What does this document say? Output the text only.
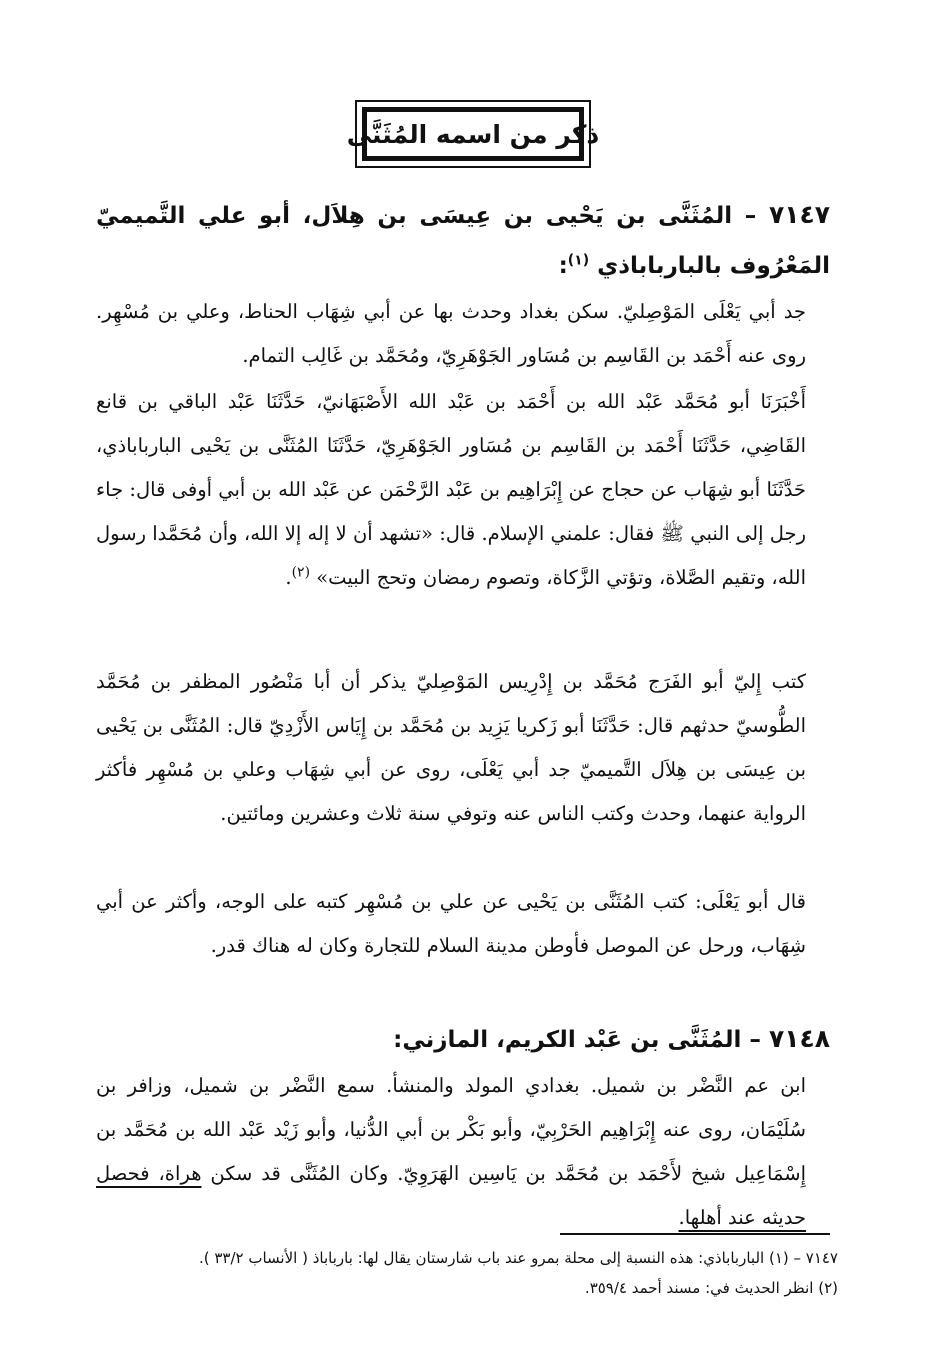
ذكر من اسمه المُثَنَّى
٧١٤٧ – المُثَنَّى بن يَحْيى بن عِيسَى بن هِلاَل، أبو علي التَّميميّ المَعْرُوف بالبارباباذي $^{(١)}$:
جد أبي يَعْلَى المَوْصِليّ. سكن بغداد وحدث بها عن أبي شِهَاب الحناط، وعلي بن مُسْهِر. روى عنه أَحْمَد بن القَاسِم بن مُسَاور الجَوْهَرِيّ، ومُحَمَّد بن غَالِب التمام.
أَخْبَرَنَا أبو مُحَمَّد عَبْد الله بن أَحْمَد بن عَبْد الله الأَصْبَهَانيّ، حَدَّثَنَا عَبْد الباقي بن قانع القَاضِي، حَدَّثَنَا أَحْمَد بن القَاسِم بن مُسَاور الجَوْهَرِيّ، حَدَّثَنَا المُثَنَّى بن يَحْيى البارباباذي، حَدَّثَنَا أبو شِهَاب عن حجاج عن إِبْرَاهِيم بن عَبْد الرَّحْمَن عن عَبْد الله بن أبي أوفى قال: جاء رجل إلى النبي ﷺ فقال: علمني الإسلام. قال: «تشهد أن لا إله إلا الله، وأن مُحَمَّدا رسول الله، وتقيم الصَّلاة، وتؤتي الزَّكاة، وتصوم رمضان وتحج البيت» $^{(٢)}$.
كتب إِليّ أبو الفَرَج مُحَمَّد بن إِدْرِيس المَوْصِليّ يذكر أن أبا مَنْصُور المظفر بن مُحَمَّد الطُّوسيّ حدثهم قال: حَدَّثَنَا أبو زَكريا يَزِيد بن مُحَمَّد بن إِيَاس الأَزْدِيّ قال: المُثَنَّى بن يَحْيى بن عِيسَى بن هِلاَل التَّميميّ جد أبي يَعْلَى، روى عن أبي شِهَاب وعلي بن مُسْهِر فأكثر الرواية عنهما، وحدث وكتب الناس عنه وتوفي سنة ثلاث وعشرين ومائتين.
قال أبو يَعْلَى: كتب المُثَنَّى بن يَحْيى عن علي بن مُسْهِر كتبه على الوجه، وأكثر عن أبي شِهَاب، ورحل عن الموصل فأوطن مدينة السلام للتجارة وكان له هناك قدر.
٧١٤٨ – المُثَنَّى بن عَبْد الكريم، المازني:
ابن عم النَّضْر بن شميل. بغدادي المولد والمنشأ. سمع النَّضْر بن شميل، وزافر بن سُلَيْمَان، روى عنه إِبْرَاهِيم الحَرْبِيّ، وأبو بَكْر بن أبي الدُّنيا، وأبو زَيْد عَبْد الله بن مُحَمَّد بن إِسْمَاعِيل شيخ لأَحْمَد بن مُحَمَّد بن يَاسِين الهَرَوِيّ. وكان المُثَنَّى قد سكن هراة، فحصل حديثه عند أهلها.
٧١٤٧ – (١) البارباباذي: هذه النسبة إلى محلة بمرو عند باب شارستان يقال لها: بارباباذ ( الأنساب ٣٣/٢ ).
(٢) انظر الحديث في: مسند أحمد ٣٥٩/٤.
